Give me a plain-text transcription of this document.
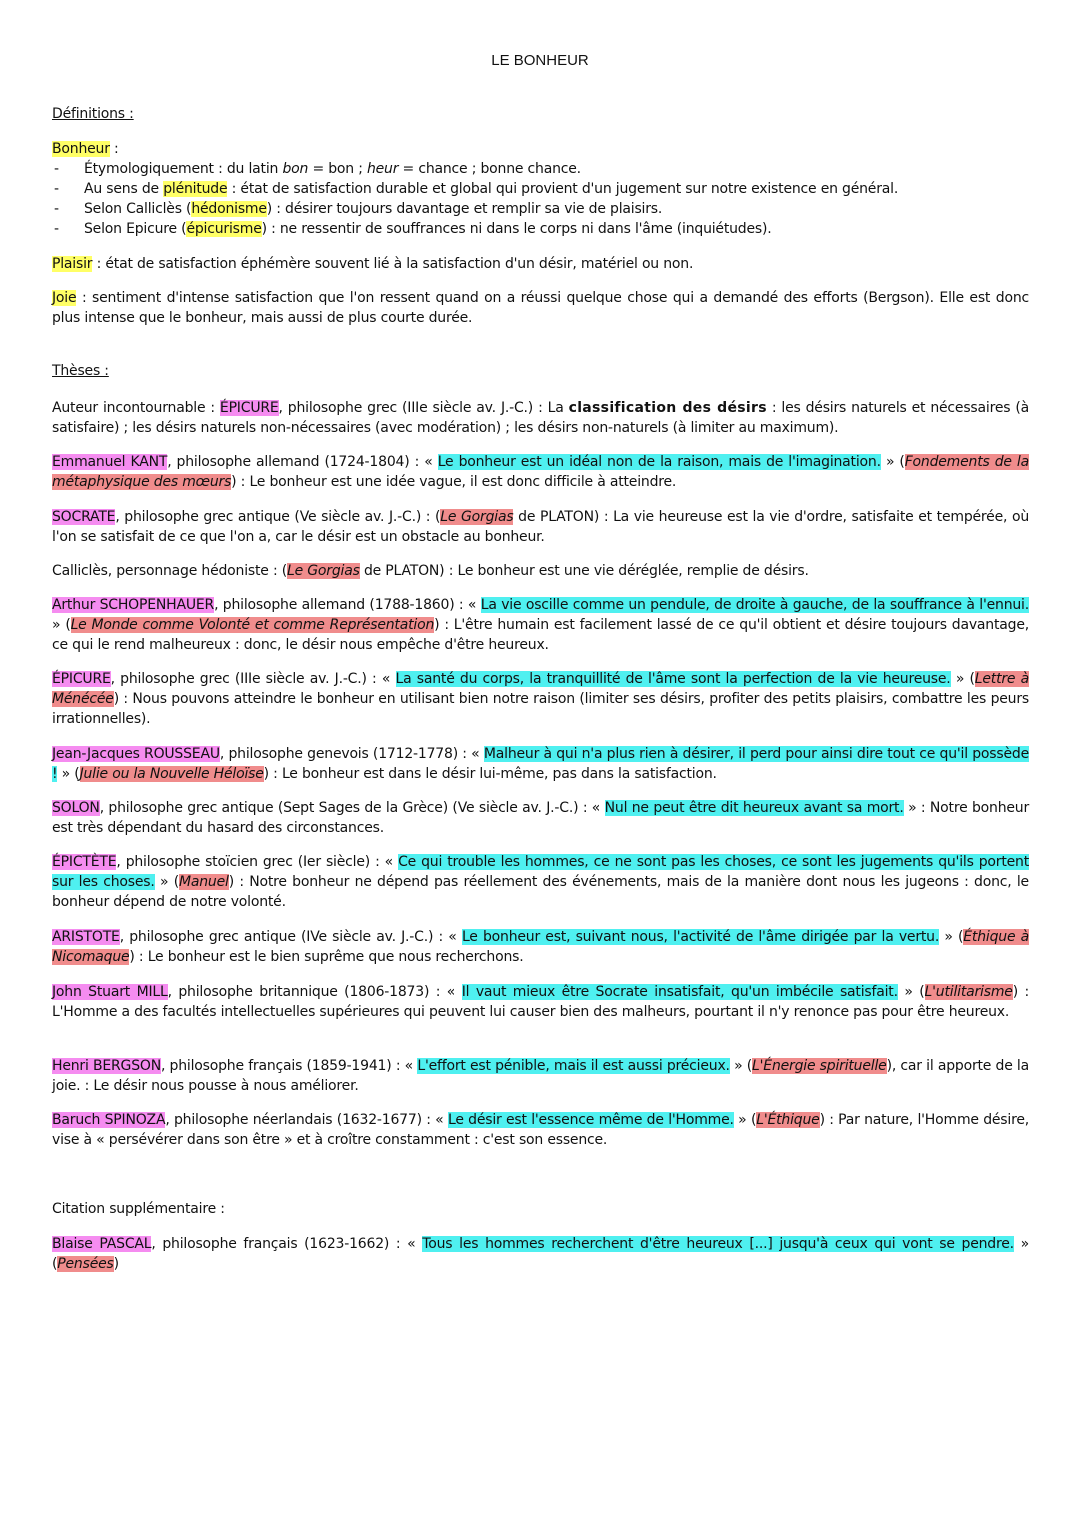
LE BONHEUR
Définitions :
Bonheur :
- Étymologiquement : du latin bon = bon ; heur = chance ; bonne chance.
- Au sens de plénitude : état de satisfaction durable et global qui provient d'un jugement sur notre existence en général.
- Selon Calliclès (hédonisme) : désirer toujours davantage et remplir sa vie de plaisirs.
- Selon Epicure (épicurisme) : ne ressentir de souffrances ni dans le corps ni dans l'âme (inquiétudes).
Plaisir : état de satisfaction éphémère souvent lié à la satisfaction d'un désir, matériel ou non.
Joie : sentiment d'intense satisfaction que l'on ressent quand on a réussi quelque chose qui a demandé des efforts (Bergson). Elle est donc plus intense que le bonheur, mais aussi de plus courte durée.
Thèses :
Auteur incontournable : ÉPICURE, philosophe grec (IIIe siècle av. J.-C.) : La classification des désirs : les désirs naturels et nécessaires (à satisfaire) ; les désirs naturels non-nécessaires (avec modération) ; les désirs non-naturels (à limiter au maximum).
Emmanuel KANT, philosophe allemand (1724-1804) : « Le bonheur est un idéal non de la raison, mais de l'imagination. » (Fondements de la métaphysique des mœurs) : Le bonheur est une idée vague, il est donc difficile à atteindre.
SOCRATE, philosophe grec antique (Ve siècle av. J.-C.) : (Le Gorgias de PLATON) : La vie heureuse est la vie d'ordre, satisfaite et tempérée, où l'on se satisfait de ce que l'on a, car le désir est un obstacle au bonheur.
Calliclès, personnage hédoniste : (Le Gorgias de PLATON) : Le bonheur est une vie déréglée, remplie de désirs.
Arthur SCHOPENHAUER, philosophe allemand (1788-1860) : « La vie oscille comme un pendule, de droite à gauche, de la souffrance à l'ennui. » (Le Monde comme Volonté et comme Représentation) : L'être humain est facilement lassé de ce qu'il obtient et désire toujours davantage, ce qui le rend malheureux : donc, le désir nous empêche d'être heureux.
ÉPICURE, philosophe grec (IIIe siècle av. J.-C.) : « La santé du corps, la tranquillité de l'âme sont la perfection de la vie heureuse. » (Lettre à Ménécée) : Nous pouvons atteindre le bonheur en utilisant bien notre raison (limiter ses désirs, profiter des petits plaisirs, combattre les peurs irrationnelles).
Jean-Jacques ROUSSEAU, philosophe genevois (1712-1778) : « Malheur à qui n'a plus rien à désirer, il perd pour ainsi dire tout ce qu'il possède ! » (Julie ou la Nouvelle Héloïse) : Le bonheur est dans le désir lui-même, pas dans la satisfaction.
SOLON, philosophe grec antique (Sept Sages de la Grèce) (Ve siècle av. J.-C.) : « Nul ne peut être dit heureux avant sa mort. » : Notre bonheur est très dépendant du hasard des circonstances.
ÉPICTÈTE, philosophe stoïcien grec (Ier siècle) : « Ce qui trouble les hommes, ce ne sont pas les choses, ce sont les jugements qu'ils portent sur les choses. » (Manuel) : Notre bonheur ne dépend pas réellement des événements, mais de la manière dont nous les jugeons : donc, le bonheur dépend de notre volonté.
ARISTOTE, philosophe grec antique (IVe siècle av. J.-C.) : « Le bonheur est, suivant nous, l'activité de l'âme dirigée par la vertu. » (Éthique à Nicomaque) : Le bonheur est le bien suprême que nous recherchons.
John Stuart MILL, philosophe britannique (1806-1873) : « Il vaut mieux être Socrate insatisfait, qu'un imbécile satisfait. » (L'utilitarisme) : L'Homme a des facultés intellectuelles supérieures qui peuvent lui causer bien des malheurs, pourtant il n'y renonce pas pour être heureux.
Henri BERGSON, philosophe français (1859-1941) : « L'effort est pénible, mais il est aussi précieux. » (L'Énergie spirituelle), car il apporte de la joie. : Le désir nous pousse à nous améliorer.
Baruch SPINOZA, philosophe néerlandais (1632-1677) : « Le désir est l'essence même de l'Homme. » (L'Éthique) : Par nature, l'Homme désire, vise à « persévérer dans son être » et à croître constamment : c'est son essence.
Citation supplémentaire :
Blaise PASCAL, philosophe français (1623-1662) : « Tous les hommes recherchent d'être heureux [...] jusqu'à ceux qui vont se pendre. » (Pensées)
